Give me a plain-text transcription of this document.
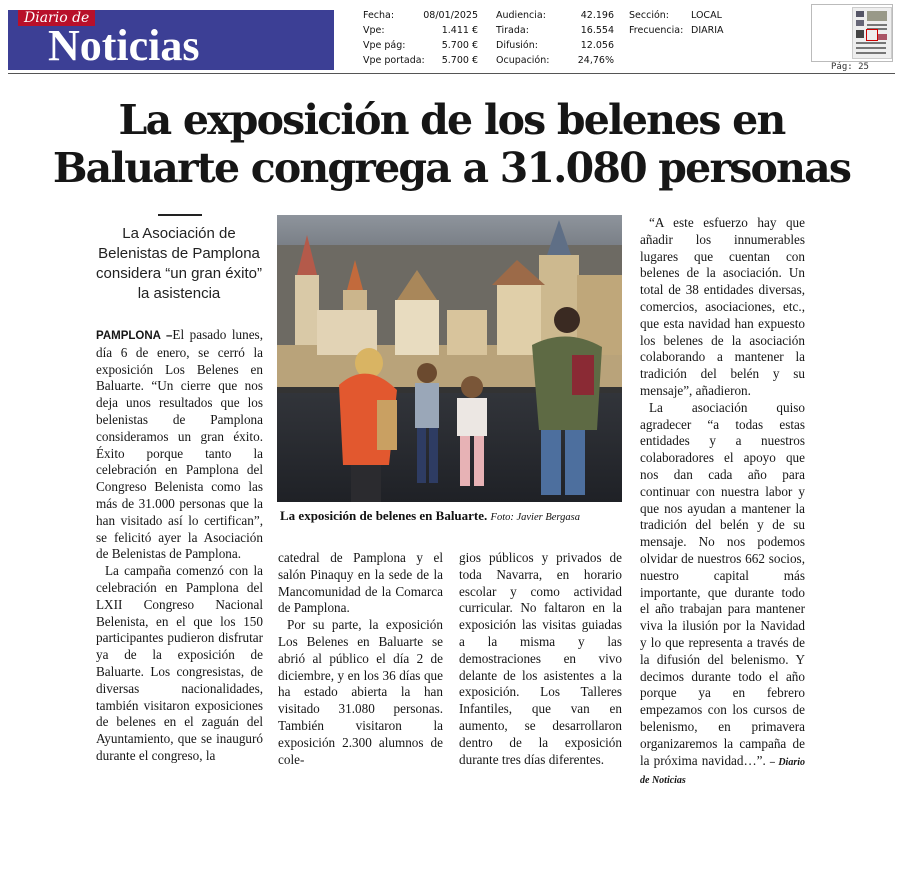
Diario de
Noticias
Fecha:	08/01/2025
Vpe:	1.411 €
Vpe pág:	5.700 €
Vpe portada: 5.700 €
Audiencia:	42.196
Tirada:	16.554
Difusión:	12.056
Ocupación:	24,76%
Sección: LOCAL
Frecuencia: DIARIA
Pág: 25
La exposición de los belenes en
Baluarte congrega a 31.080 personas
La Asociación de Belenistas de Pamplona considera “un gran éxito” la asistencia

PAMPLONA –El pasado lunes, día 6 de enero, se cerró la exposición Los Belenes en Baluarte. “Un cierre que nos deja unos resultados que los belenistas de Pamplona consideramos un gran éxito. Éxito porque tanto la celebración en Pamplona del Congreso Belenista como las más de 31.000 personas que la han visitado así lo certifican”, se felicitó ayer la Asociación de Belenistas de Pamplona.

La campaña comenzó con la celebración en Pamplona del LXII Congreso Nacional Belenista, en el que los 150 participantes pudieron disfrutar ya de la exposición de Baluarte. Los congresistas, de diversas nacionalidades, también visitaron exposiciones de belenes en el zaguán del Ayuntamiento, que se inauguró durante el congreso, la

La exposición de belenes en Baluarte. Foto: Javier Bergasa

catedral de Pamplona y el salón Pinaquy en la sede de la Mancomunidad de la Comarca de Pamplona.

Por su parte, la exposición Los Belenes en Baluarte se abrió al público el día 2 de diciembre, y en los 36 días que ha estado abierta la han visitado 31.080 personas. También visitaron la exposición 2.300 alumnos de cole-

gios públicos y privados de toda Navarra, en horario escolar y como actividad curricular. No faltaron en la exposición las visitas guiadas a la misma y las demostraciones en vivo delante de los asistentes a la exposición. Los Talleres Infantiles, que van en aumento, se desarrollaron dentro de la exposición durante tres días diferentes.

“A este esfuerzo hay que añadir los innumerables lugares que cuentan con belenes de la asociación. Un total de 38 entidades diversas, comercios, asociaciones, etc., que esta navidad han expuesto los belenes de la asociación colaborando a mantener la tradición del belén y su mensaje”, añadieron.

La asociación quiso agradecer “a todas estas entidades y a nuestros colaboradores el apoyo que nos dan cada año para continuar con nuestra labor y que nos ayudan a mantener la tradición del belén y de su mensaje. No nos podemos olvidar de nuestros 662 socios, nuestro capital más importante, que durante todo el año trabajan para mantener viva la ilusión por la Navidad y lo que representa a través de la difusión del belenismo. Y decimos durante todo el año porque ya en febrero empezamos con los cursos de belenismo, en primavera organizaremos la campaña de la próxima navidad…”. – Diario de Noticias
